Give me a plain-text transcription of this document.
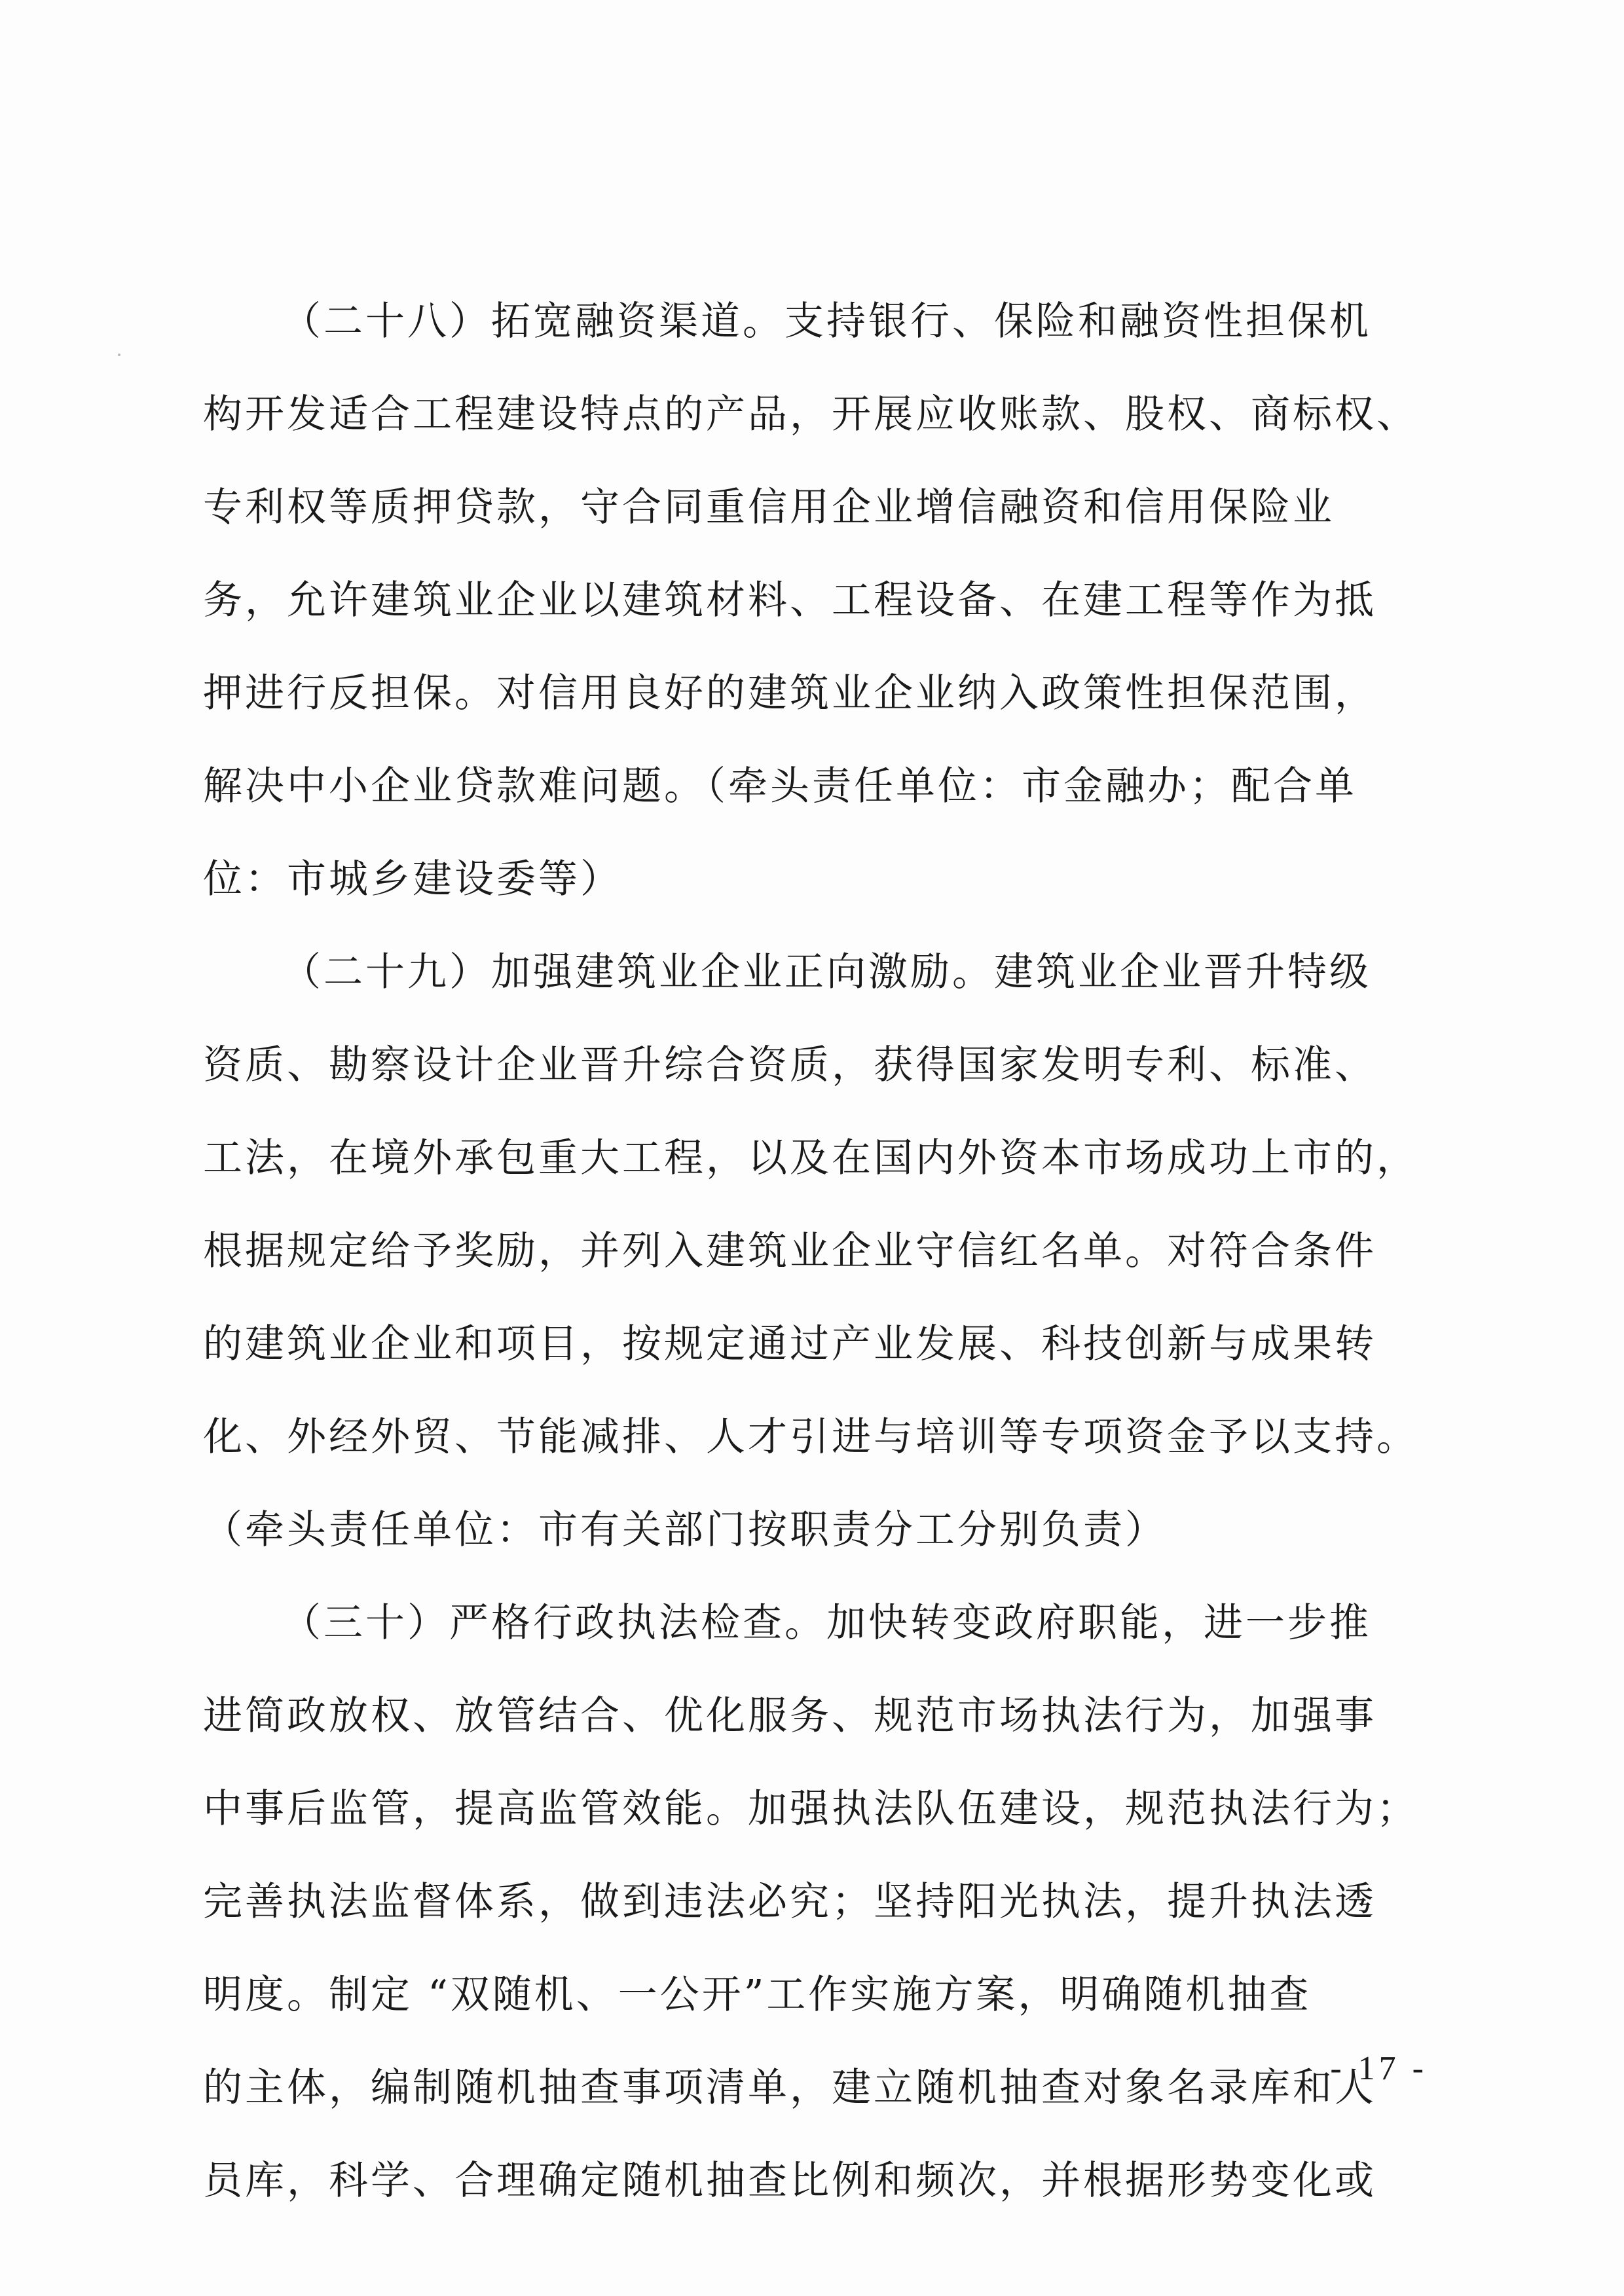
（二十八）拓宽融资渠道。支持银行、保险和融资性担保机
构开发适合工程建设特点的产品，开展应收账款、股权、商标权、
专利权等质押贷款，守合同重信用企业增信融资和信用保险业
务，允许建筑业企业以建筑材料、工程设备、在建工程等作为抵
押进行反担保。对信用良好的建筑业企业纳入政策性担保范围，
解决中小企业贷款难问题。（牵头责任单位：市金融办；配合单
位：市城乡建设委等）
（二十九）加强建筑业企业正向激励。建筑业企业晋升特级
资质、勘察设计企业晋升综合资质，获得国家发明专利、标准、
工法，在境外承包重大工程，以及在国内外资本市场成功上市的，
根据规定给予奖励，并列入建筑业企业守信红名单。对符合条件
的建筑业企业和项目，按规定通过产业发展、科技创新与成果转
化、外经外贸、节能减排、人才引进与培训等专项资金予以支持。
（牵头责任单位：市有关部门按职责分工分别负责）
（三十）严格行政执法检查。加快转变政府职能，进一步推
进简政放权、放管结合、优化服务、规范市场执法行为，加强事
中事后监管，提高监管效能。加强执法队伍建设，规范执法行为；
完善执法监督体系，做到违法必究；坚持阳光执法，提升执法透
明度。制定 “双随机、一公开”工作实施方案，明确随机抽查
的主体，编制随机抽查事项清单，建立随机抽查对象名录库和人
员库，科学、合理确定随机抽查比例和频次，并根据形势变化或
- 17 -
